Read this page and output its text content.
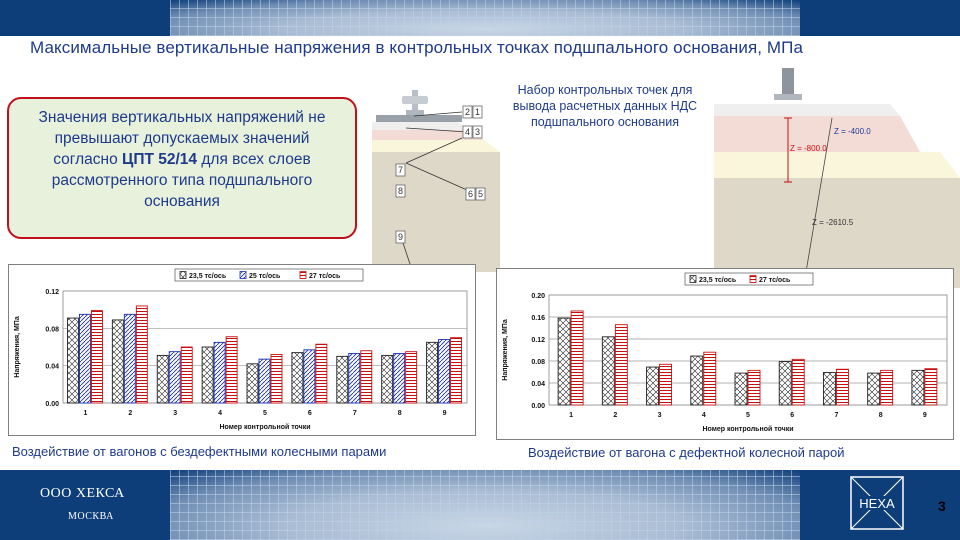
Максимальные вертикальные напряжения в контрольных точках подшпального основания, МПа
Значения вертикальных напряжений не
превышают допускаемых значений
согласно ЦПТ 52/14 для всех слоев
рассмотренного типа подшпального
основания
2 1
4 3
7
8	6 5
9
Набор контрольных точек для вывода расчетных данных НДС подшпального основания
Z = -400.0
Z = -800.0
Z = -2610.5
0.00
0.04
0.08
0.12
1	2	3	4	5	6	7	8	9
Номер контрольной точки
Напряжения, МПа
23,5 тс/ось	25 тс/ось	27 тс/ось
Воздействие от вагонов с бездефектными колесными парами
0.00
0.04
0.08
0.12
0.16
0.20
1	2	3	4	5	6	7	8	9
Номер контрольной точки
Напряжения, МПа
23,5 тс/ось	27 тс/ось
Воздействие от вагона с дефектной колесной парой
ООО ХЕКСА
МОСКВА
HEXA	3
